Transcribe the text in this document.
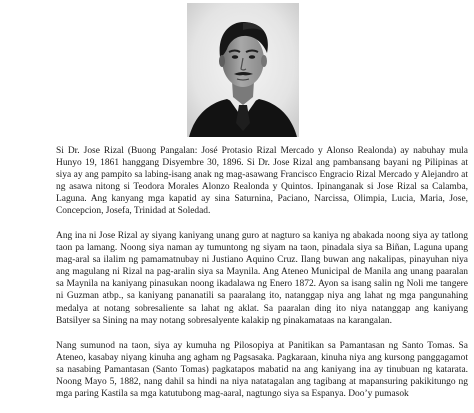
Si Dr. Jose Rizal (Buong Pangalan: José Protasio Rizal Mercado y Alonso Realonda) ay nabuhay mula Hunyo 19, 1861 hanggang Disyembre 30, 1896. Si Dr. Jose Rizal ang pambansang bayani ng Pilipinas at siya ay ang pampito sa labing-isang anak ng mag-asawang Francisco Engracio Rizal Mercado y Alejandro at ng asawa nitong si Teodora Morales Alonzo Realonda y Quintos. Ipinanganak si Jose Rizal sa Calamba, Laguna. Ang kanyang mga kapatid ay sina Saturnina, Paciano, Narcissa, Olimpia, Lucia, Maria, Jose, Concepcion, Josefa, Trinidad at Soledad.

Ang ina ni Jose Rizal ay siyang kaniyang unang guro at nagturo sa kaniya ng abakada noong siya ay tatlong taon pa lamang. Noong siya naman ay tumuntong ng siyam na taon, pinadala siya sa Biñan, Laguna upang mag-aral sa ilalim ng pamamatnubay ni Justiano Aquino Cruz. Ilang buwan ang nakalipas, pinayuhan niya ang magulang ni Rizal na pag-aralin siya sa Maynila. Ang Ateneo Municipal de Manila ang unang paaralan sa Maynila na kaniyang pinasukan noong ikadalawa ng Enero 1872. Ayon sa isang salin ng Noli me tangere ni Guzman atbp., sa kaniyang pananatili sa paaralang ito, natanggap niya ang lahat ng mga pangunahing medalya at notang sobresaliente sa lahat ng aklat. Sa paaralan ding ito niya natanggap ang kaniyang Batsilyer sa Sining na may notang sobresalyente kalakip ng pinakamataas na karangalan.

Nang sumunod na taon, siya ay kumuha ng Pilosopiya at Panitikan sa Pamantasan ng Santo Tomas. Sa Ateneo, kasabay niyang kinuha ang agham ng Pagsasaka. Pagkaraan, kinuha niya ang kursong panggagamot sa nasabing Pamantasan (Santo Tomas) pagkatapos mabatid na ang kaniyang ina ay tinubuan ng katarata. Noong Mayo 5, 1882, nang dahil sa hindi na niya natatagalan ang tagibang at mapansuring pakikitungo ng mga paring Kastila sa mga katutubong mag-aaral, nagtungo siya sa Espanya. Doo’y pumasok
